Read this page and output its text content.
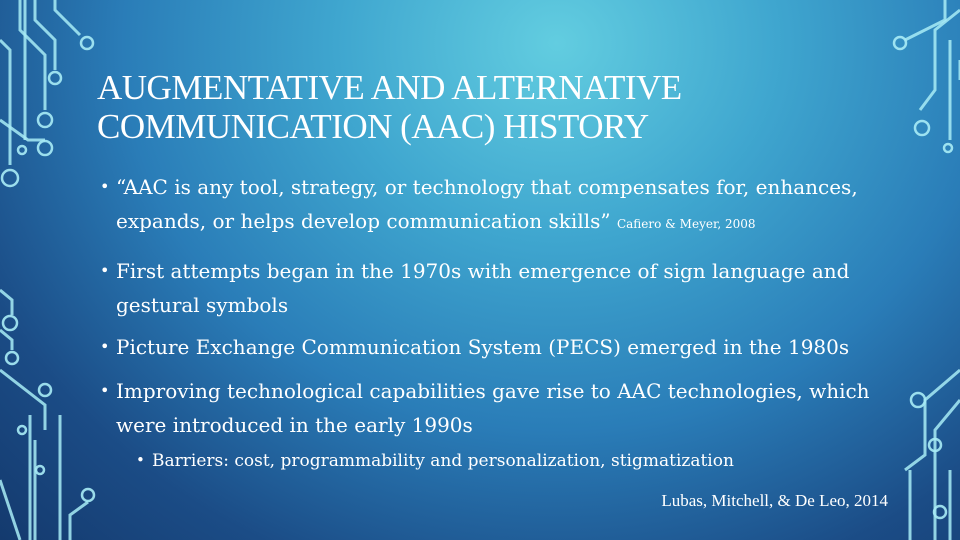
AUGMENTATIVE AND ALTERNATIVE
COMMUNICATION (AAC) HISTORY
• “AAC is any tool, strategy, or technology that compensates for, enhances, expands, or helps develop communication skills” Cafiero & Meyer, 2008
• First attempts began in the 1970s with emergence of sign language and gestural symbols
• Picture Exchange Communication System (PECS) emerged in the 1980s
• Improving technological capabilities gave rise to AAC technologies, which were introduced in the early 1990s
• Barriers: cost, programmability and personalization, stigmatization
Lubas, Mitchell, & De Leo, 2014
